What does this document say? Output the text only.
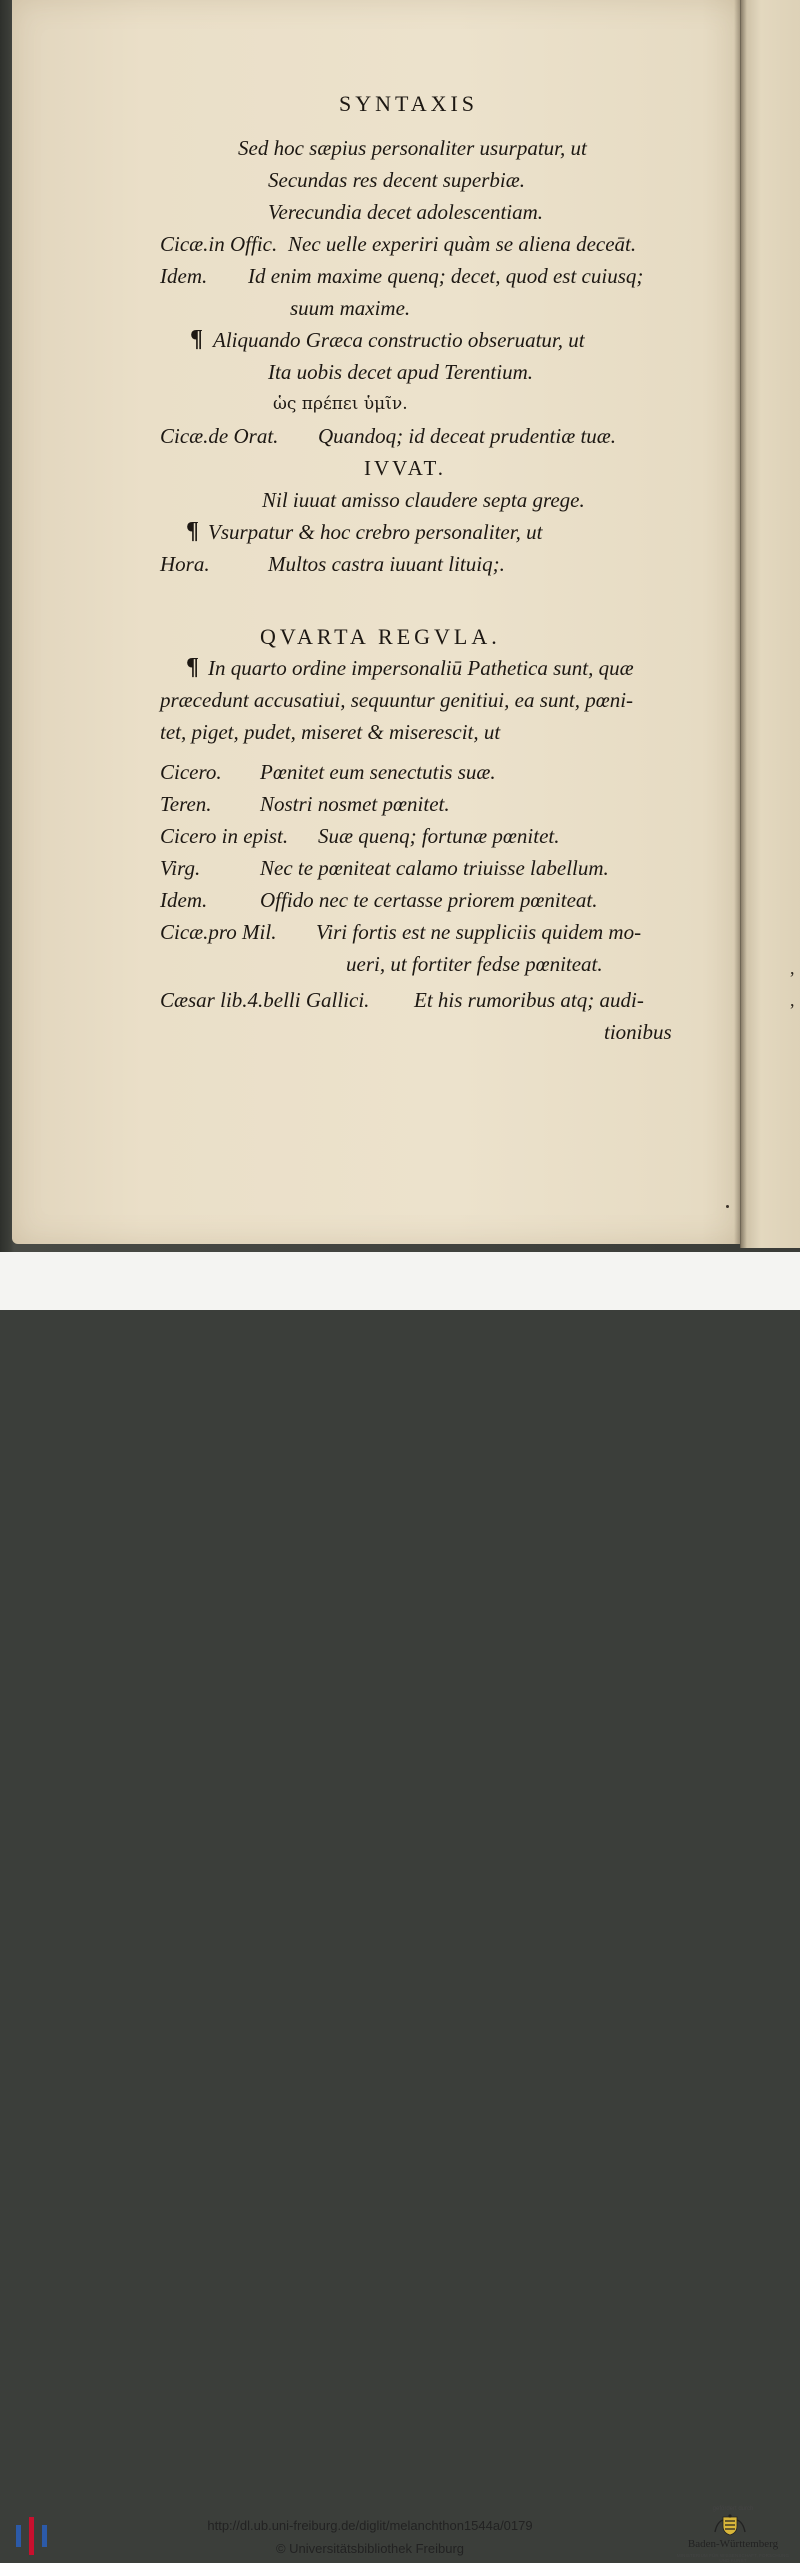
SYNTAXIS
Sed hoc sæpius personaliter usurpatur, ut
Secundas res decent superbiæ.
Verecundia decet adolescentiam.
Cicæ.in Offic. Nec uelle experiri quàm se aliena deceāt.
Idem. Id enim maxime quenq; decet, quod est cuiusq;
suum maxime.
¶ Aliquando Græca constructio obseruatur, ut
Ita uobis decet apud Terentium.
ὡς πρέπει ὑμῖν.
Cicæ.de Orat. Quandoq; id deceat prudentiæ tuæ.
IVVAT.
Nil iuuat amisso claudere septa grege.
¶ Vsurpatur & hoc crebro personaliter, ut
Hora.	Multos castra iuuant lituiq;.
QVARTA REGVLA.
¶ In quarto ordine impersonaliū Pathetica sunt, quæ
præcedunt accusatiui, sequuntur genitiui, ea sunt, pœni-
tet, piget, pudet, miseret & miserescit, ut
Cicero. Pœnitet eum senectutis suæ.
Teren. Nostri nosmet pœnitet.
Cicero in epist. Suæ quenq; fortunæ pœnitet.
Virg.	Nec te pœniteat calamo triuisse labellum.
Idem.	Offido nec te certasse priorem pœniteat.
Cicæ.pro Mil. Viri fortis est ne suppliciis quidem mo-
ueri, ut fortiter fedse pœniteat.
Cæsar lib.4.belli Gallici. Et his rumoribus atq; audi-
tionibus
,
,
http://dl.ub.uni-freiburg.de/diglit/melanchthon1544a/0179
© Universitätsbibliothek Freiburg
gefördert durch
Baden-Württemberg
MINISTERIUM FÜR WISSENSCHAFT, FORSCHUNG UND KUNST
